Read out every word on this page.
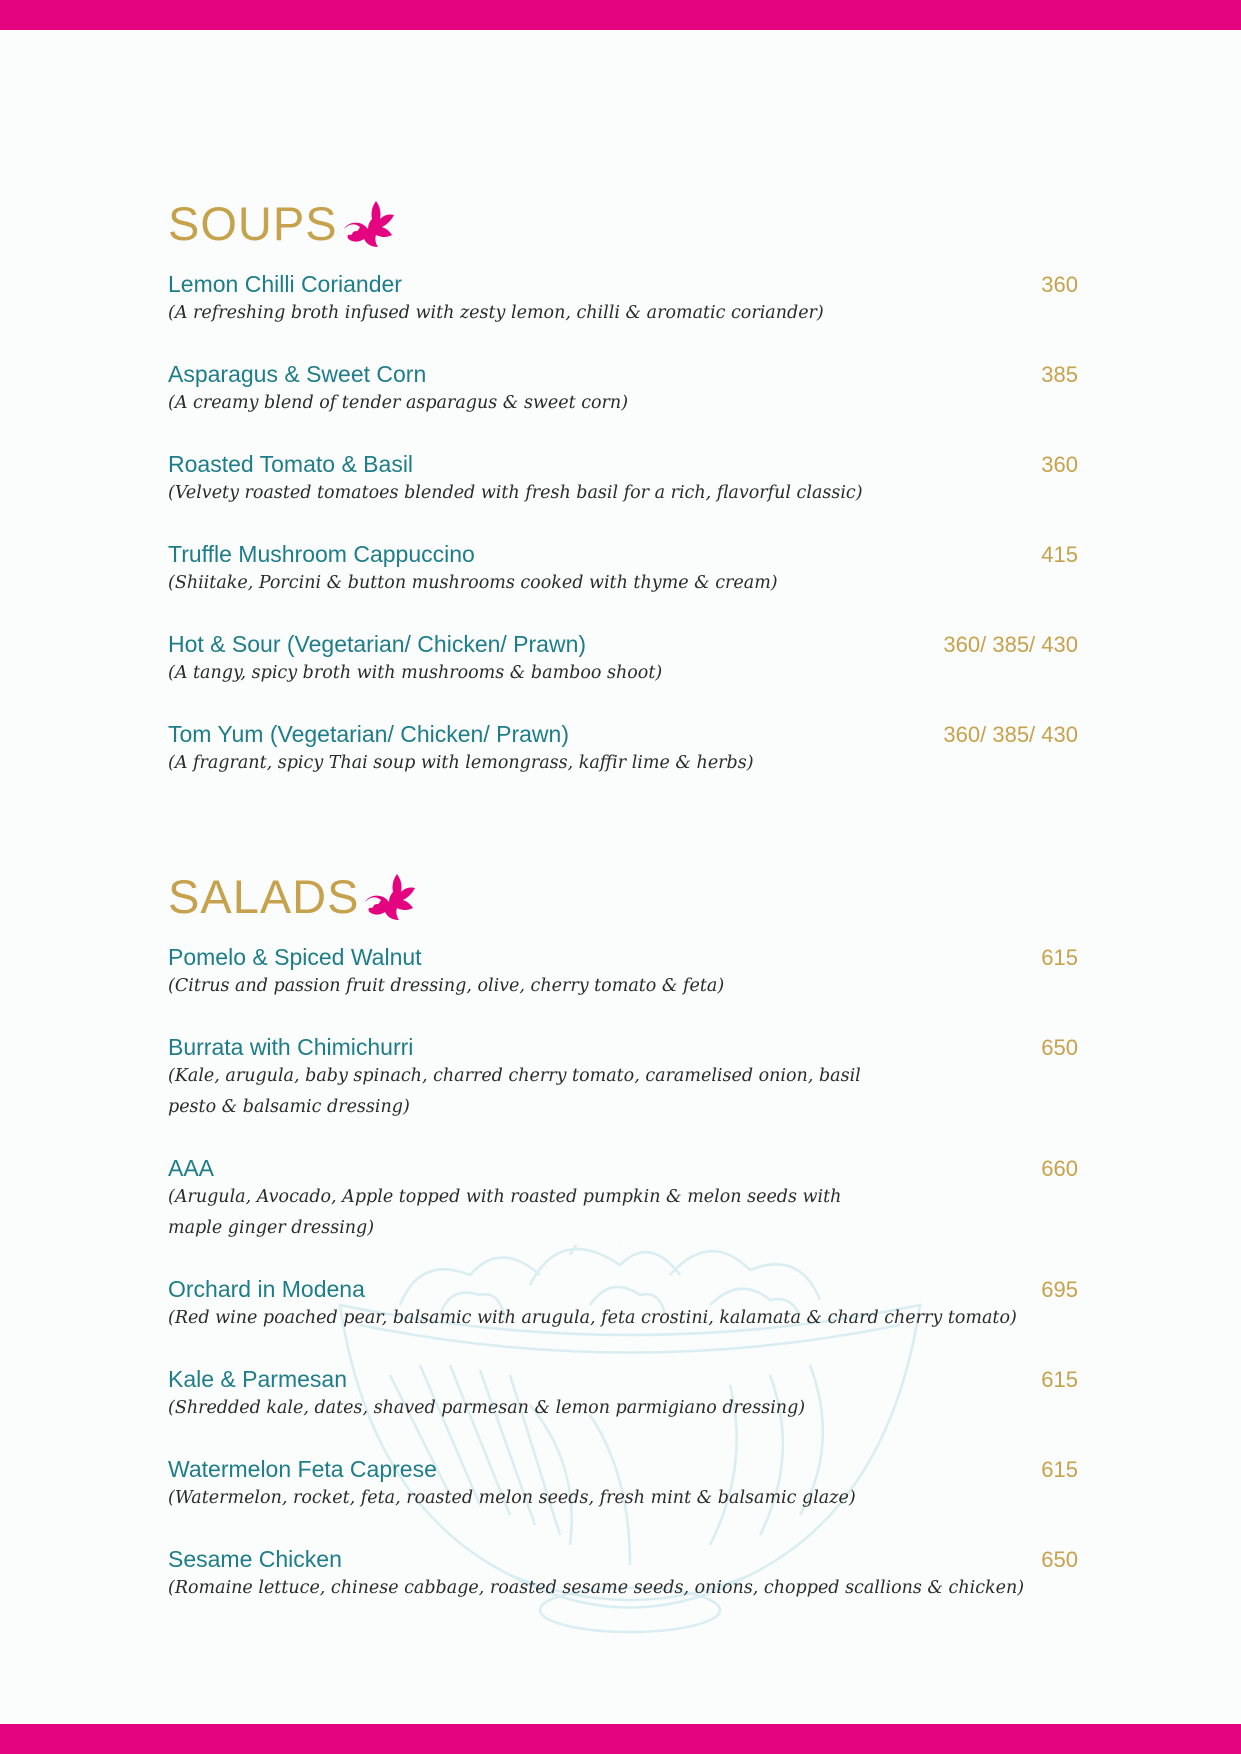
SOUPS
Lemon Chilli Coriander	360
(A refreshing broth infused with zesty lemon, chilli & aromatic coriander)
Asparagus & Sweet Corn	385
(A creamy blend of tender asparagus & sweet corn)
Roasted Tomato & Basil	360
(Velvety roasted tomatoes blended with fresh basil for a rich, flavorful classic)
Truffle Mushroom Cappuccino	415
(Shiitake, Porcini & button mushrooms cooked with thyme & cream)
Hot & Sour (Vegetarian/ Chicken/ Prawn)	360/ 385/ 430
(A tangy, spicy broth with mushrooms & bamboo shoot)
Tom Yum (Vegetarian/ Chicken/ Prawn)	360/ 385/ 430
(A fragrant, spicy Thai soup with lemongrass, kaffir lime & herbs)
SALADS
Pomelo & Spiced Walnut	615
(Citrus and passion fruit dressing, olive, cherry tomato & feta)
Burrata with Chimichurri	650
(Kale, arugula, baby spinach, charred cherry tomato, caramelised onion, basil pesto & balsamic dressing)
AAA	660
(Arugula, Avocado, Apple topped with roasted pumpkin & melon seeds with maple ginger dressing)
Orchard in Modena	695
(Red wine poached pear, balsamic with arugula, feta crostini, kalamata & chard cherry tomato)
Kale & Parmesan	615
(Shredded kale, dates, shaved parmesan & lemon parmigiano dressing)
Watermelon Feta Caprese	615
(Watermelon, rocket, feta, roasted melon seeds, fresh mint & balsamic glaze)
Sesame Chicken	650
(Romaine lettuce, chinese cabbage, roasted sesame seeds, onions, chopped scallions & chicken)
